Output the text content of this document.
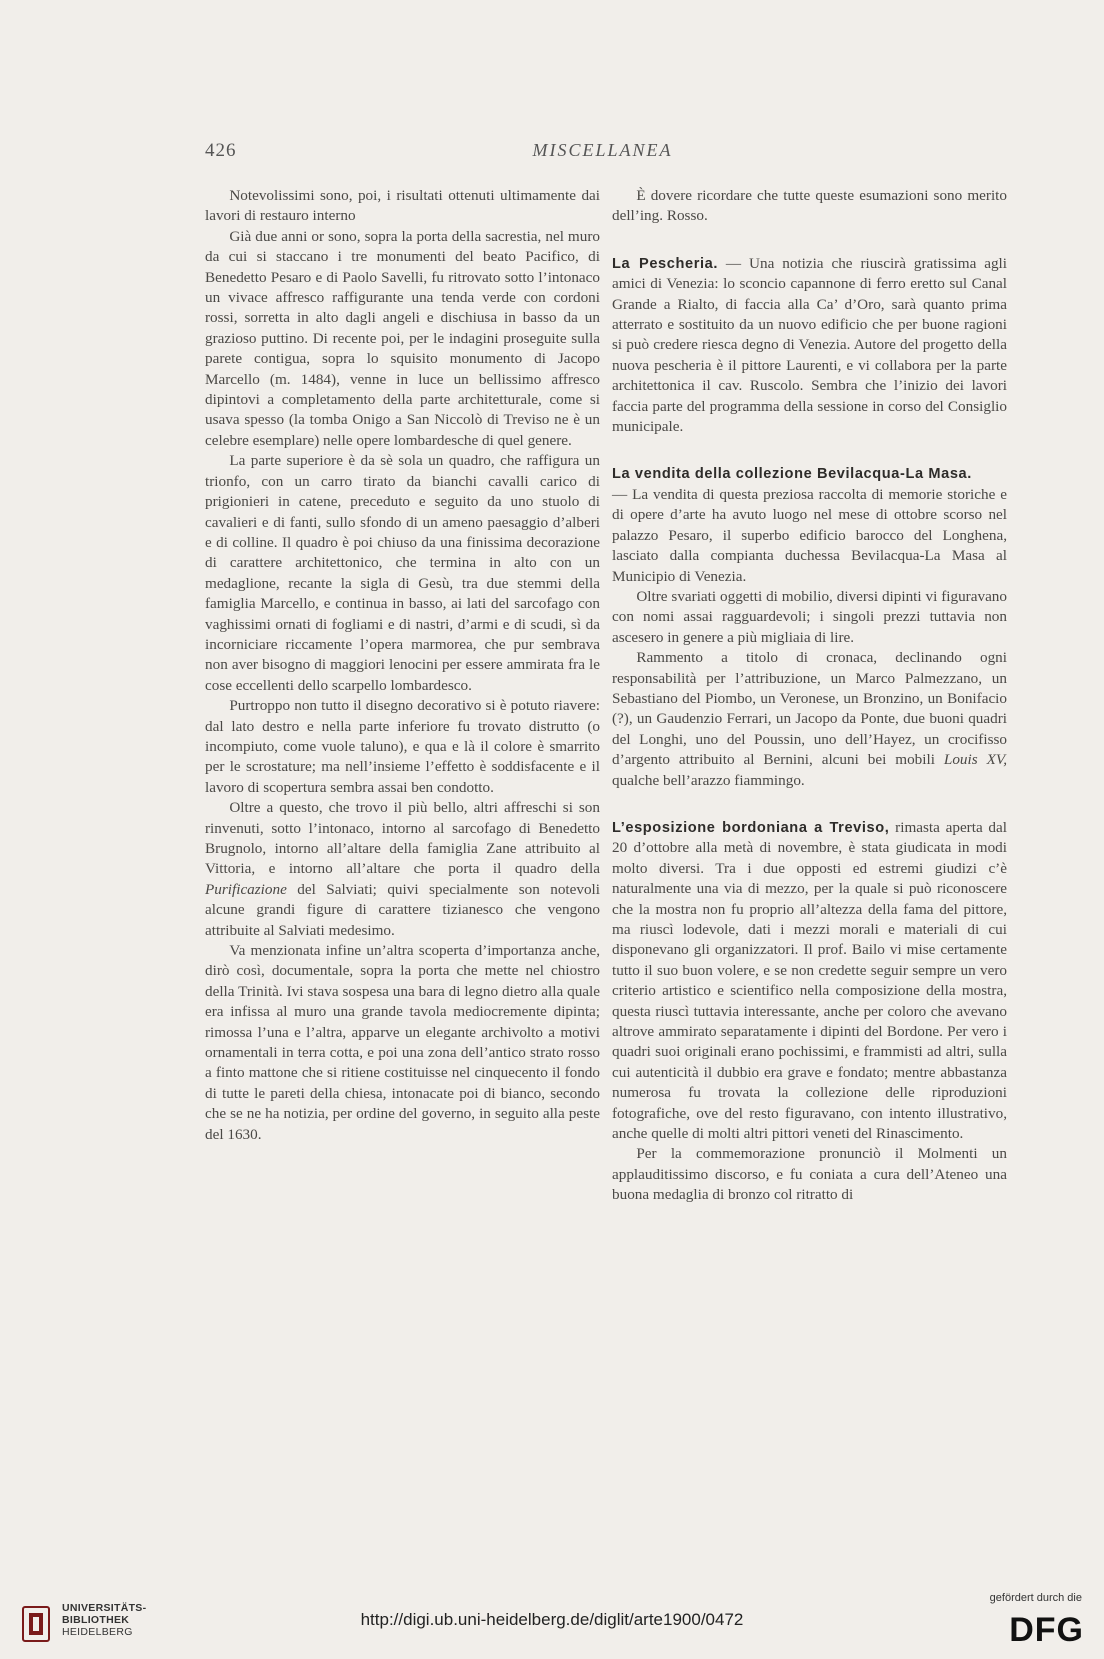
426	MISCELLANEA

Notevolissimi sono, poi, i risultati ottenuti ultimamente dai lavori di restauro interno

Già due anni or sono, sopra la porta della sacrestia, nel muro da cui si staccano i tre monumenti del beato Pacifico, di Benedetto Pesaro e di Paolo Savelli, fu ritrovato sotto l’intonaco un vivace affresco raffigurante una tenda verde con cordoni rossi, sorretta in alto dagli angeli e dischiusa in basso da un grazioso puttino. Di recente poi, per le indagini proseguite sulla parete contigua, sopra lo squisito monumento di Jacopo Marcello (m. 1484), venne in luce un bellissimo affresco dipintovi a completamento della parte architetturale, come si usava spesso (la tomba Onigo a San Niccolò di Treviso ne è un celebre esemplare) nelle opere lombardesche di quel genere.

La parte superiore è da sè sola un quadro, che raffigura un trionfo, con un carro tirato da bianchi cavalli carico di prigionieri in catene, preceduto e seguito da uno stuolo di cavalieri e di fanti, sullo sfondo di un ameno paesaggio d’alberi e di colline. Il quadro è poi chiuso da una finissima decorazione di carattere architettonico, che termina in alto con un medaglione, recante la sigla di Gesù, tra due stemmi della famiglia Marcello, e continua in basso, ai lati del sarcofago con vaghissimi ornati di fogliami e di nastri, d’armi e di scudi, sì da incorniciare riccamente l’opera marmorea, che pur sembrava non aver bisogno di maggiori lenocini per essere ammirata fra le cose eccellenti dello scarpello lombardesco.

Purtroppo non tutto il disegno decorativo si è potuto riavere: dal lato destro e nella parte inferiore fu trovato distrutto (o incompiuto, come vuole taluno), e qua e là il colore è smarrito per le scrostature; ma nell’insieme l’effetto è soddisfacente e il lavoro di scopertura sembra assai ben condotto.

Oltre a questo, che trovo il più bello, altri affreschi si son rinvenuti, sotto l’intonaco, intorno al sarcofago di Benedetto Brugnolo, intorno all’altare della famiglia Zane attribuito al Vittoria, e intorno all’altare che porta il quadro della Purificazione del Salviati; quivi specialmente son notevoli alcune grandi figure di carattere tizianesco che vengono attribuite al Salviati medesimo.

Va menzionata infine un’altra scoperta d’importanza anche, dirò così, documentale, sopra la porta che mette nel chiostro della Trinità. Ivi stava sospesa una bara di legno dietro alla quale era infissa al muro una grande tavola mediocremente dipinta; rimossa l’una e l’altra, apparve un elegante archivolto a motivi ornamentali in terra cotta, e poi una zona dell’antico strato rosso a finto mattone che si ritiene costituisse nel cinquecento il fondo di tutte le pareti della chiesa, intonacate poi di bianco, secondo che se ne ha notizia, per ordine del governo, in seguito alla peste del 1630.

È dovere ricordare che tutte queste esumazioni sono merito dell’ing. Rosso.

La Pescheria. — Una notizia che riuscirà gratissima agli amici di Venezia: lo sconcio capannone di ferro eretto sul Canal Grande a Rialto, di faccia alla Ca’ d’Oro, sarà quanto prima atterrato e sostituito da un nuovo edificio che per buone ragioni si può credere riesca degno di Venezia. Autore del progetto della nuova pescheria è il pittore Laurenti, e vi collabora per la parte architettonica il cav. Ruscolo. Sembra che l’inizio dei lavori faccia parte del programma della sessione in corso del Consiglio municipale.

La vendita della collezione Bevilacqua-La Masa.

— La vendita di questa preziosa raccolta di memorie storiche e di opere d’arte ha avuto luogo nel mese di ottobre scorso nel palazzo Pesaro, il superbo edificio barocco del Longhena, lasciato dalla compianta duchessa Bevilacqua-La Masa al Municipio di Venezia.

Oltre svariati oggetti di mobilio, diversi dipinti vi figuravano con nomi assai ragguardevoli; i singoli prezzi tuttavia non ascesero in genere a più migliaia di lire.

Rammento a titolo di cronaca, declinando ogni responsabilità per l’attribuzione, un Marco Palmezzano, un Sebastiano del Piombo, un Veronese, un Bronzino, un Bonifacio (?), un Gaudenzio Ferrari, un Jacopo da Ponte, due buoni quadri del Longhi, uno del Poussin, uno dell’Hayez, un crocifisso d’argento attribuito al Bernini, alcuni bei mobili Louis XV, qualche bell’arazzo fiammingo.

L’esposizione bordoniana a Treviso, rimasta aperta dal 20 d’ottobre alla metà di novembre, è stata giudicata in modi molto diversi. Tra i due opposti ed estremi giudizi c’è naturalmente una via di mezzo, per la quale si può riconoscere che la mostra non fu proprio all’altezza della fama del pittore, ma riuscì lodevole, dati i mezzi morali e materiali di cui disponevano gli organizzatori. Il prof. Bailo vi mise certamente tutto il suo buon volere, e se non credette seguir sempre un vero criterio artistico e scientifico nella composizione della mostra, questa riuscì tuttavia interessante, anche per coloro che avevano altrove ammirato separatamente i dipinti del Bordone. Per vero i quadri suoi originali erano pochissimi, e frammisti ad altri, sulla cui autenticità il dubbio era grave e fondato; mentre abbastanza numerosa fu trovata la collezione delle riproduzioni fotografiche, ove del resto figuravano, con intento illustrativo, anche quelle di molti altri pittori veneti del Rinascimento.

Per la commemorazione pronunciò il Molmenti un applauditissimo discorso, e fu coniata a cura dell’Ateneo una buona medaglia di bronzo col ritratto di

UNIVERSITÄTS-
BIBLIOTHEK
HEIDELBERG
http://digi.ub.uni-heidelberg.de/diglit/arte1900/0472
gefördert durch die
DFG
